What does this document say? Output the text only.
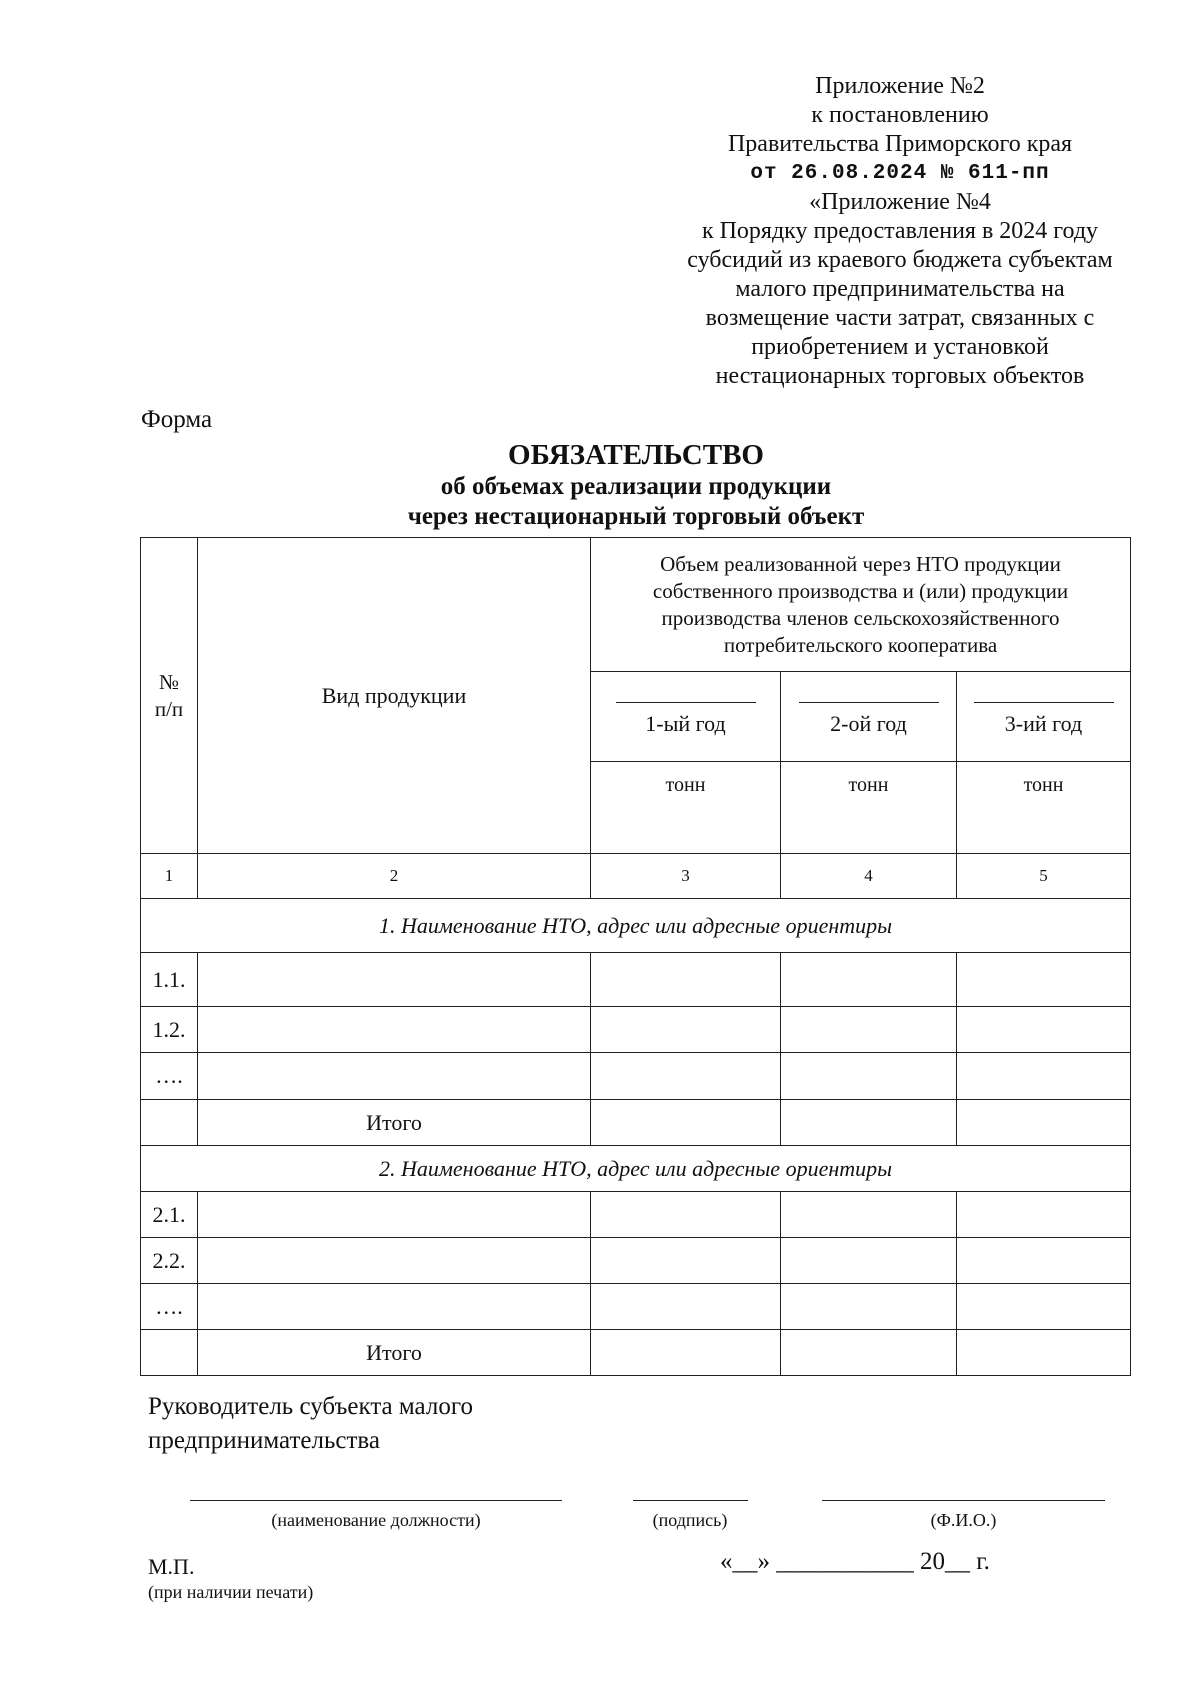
Приложение №2
к постановлению
Правительства Приморского края
от 26.08.2024 № 611-пп
«Приложение №4
к Порядку предоставления в 2024 году
субсидий из краевого бюджета субъектам
малого предпринимательства на
возмещение части затрат, связанных с
приобретением и установкой
нестационарных торговых объектов
Форма
ОБЯЗАТЕЛЬСТВО
об объемах реализации продукции
через нестационарный торговый объект
№ п/п	Вид продукции	Объем реализованной через НТО продукции собственного производства и (или) продукции производства членов сельскохозяйственного потребительского кооператива		

		1-ый год	2-ой год	3-ий год

		тонн	тонн	тонн
1	2	3	4	5
1. Наименование НТО, адрес или адресные ориентиры				
1.1.				
1.2.				
….				
	Итого			
2. Наименование НТО, адрес или адресные ориентиры				
2.1.				
2.2.				
….				
	Итого			
Руководитель субъекта малого
предпринимательства
(наименование должности)	(подпись)	(Ф.И.О.)
М.П.
(при наличии печати)
«__» ___________ 20__ г.
